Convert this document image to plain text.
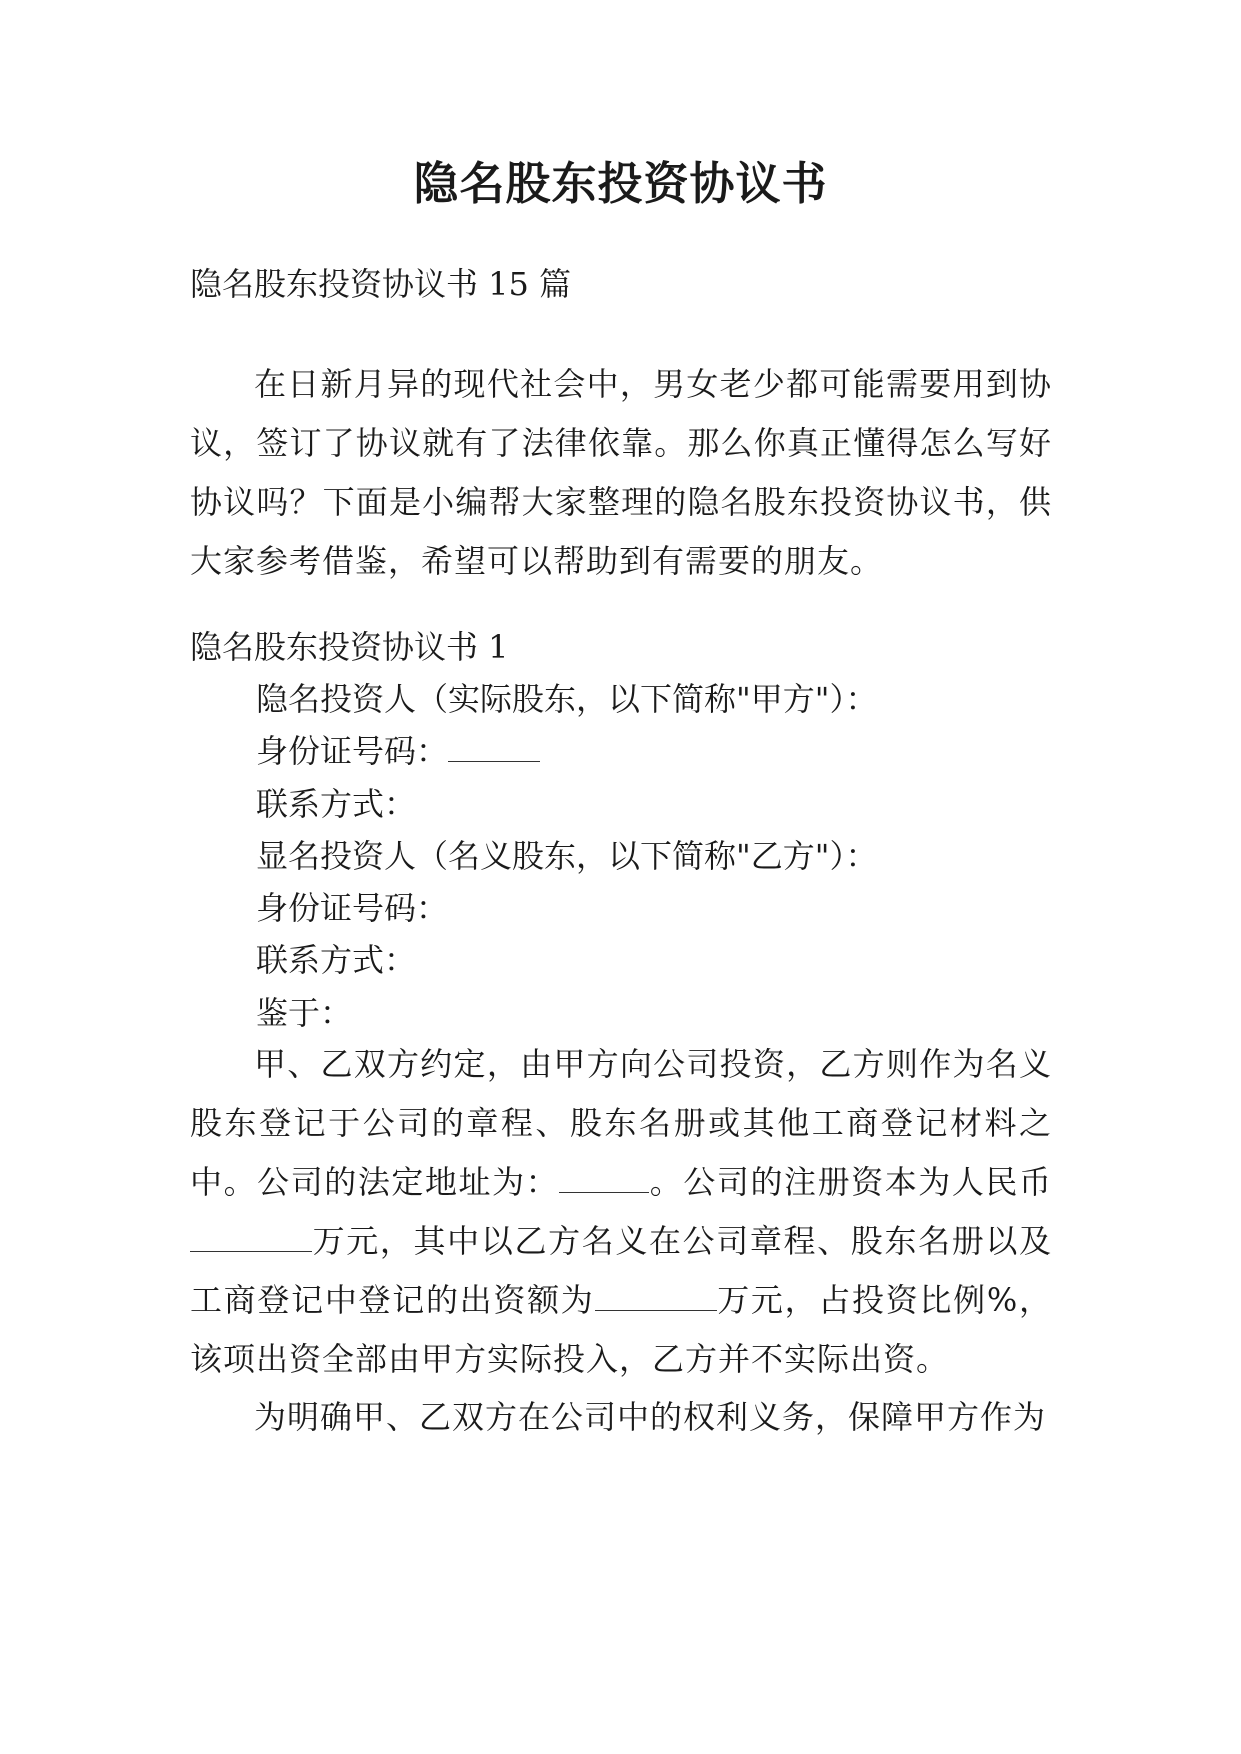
隐名股东投资协议书

隐名股东投资协议书 15 篇

在日新月异的现代社会中，男女老少都可能需要用到协议，签订了协议就有了法律依靠。那么你真正懂得怎么写好协议吗？下面是小编帮大家整理的隐名股东投资协议书，供大家参考借鉴，希望可以帮助到有需要的朋友。

隐名股东投资协议书 1

隐名投资人（实际股东，以下简称"甲方"）：

身份证号码：

联系方式：

显名投资人（名义股东，以下简称"乙方"）：

身份证号码：

联系方式：

鉴于：

甲、乙双方约定，由甲方向公司投资，乙方则作为名义股东登记于公司的章程、股东名册或其他工商登记材料之中。公司的法定地址为：	。公司的注册资本为人民币万元，其中以乙方名义在公司章程、股东名册以及工商登记中登记的出资额为	万元，占投资比例%，该项出资全部由甲方实际投入，乙方并不实际出资。

为明确甲、乙双方在公司中的权利义务，保障甲方作为
